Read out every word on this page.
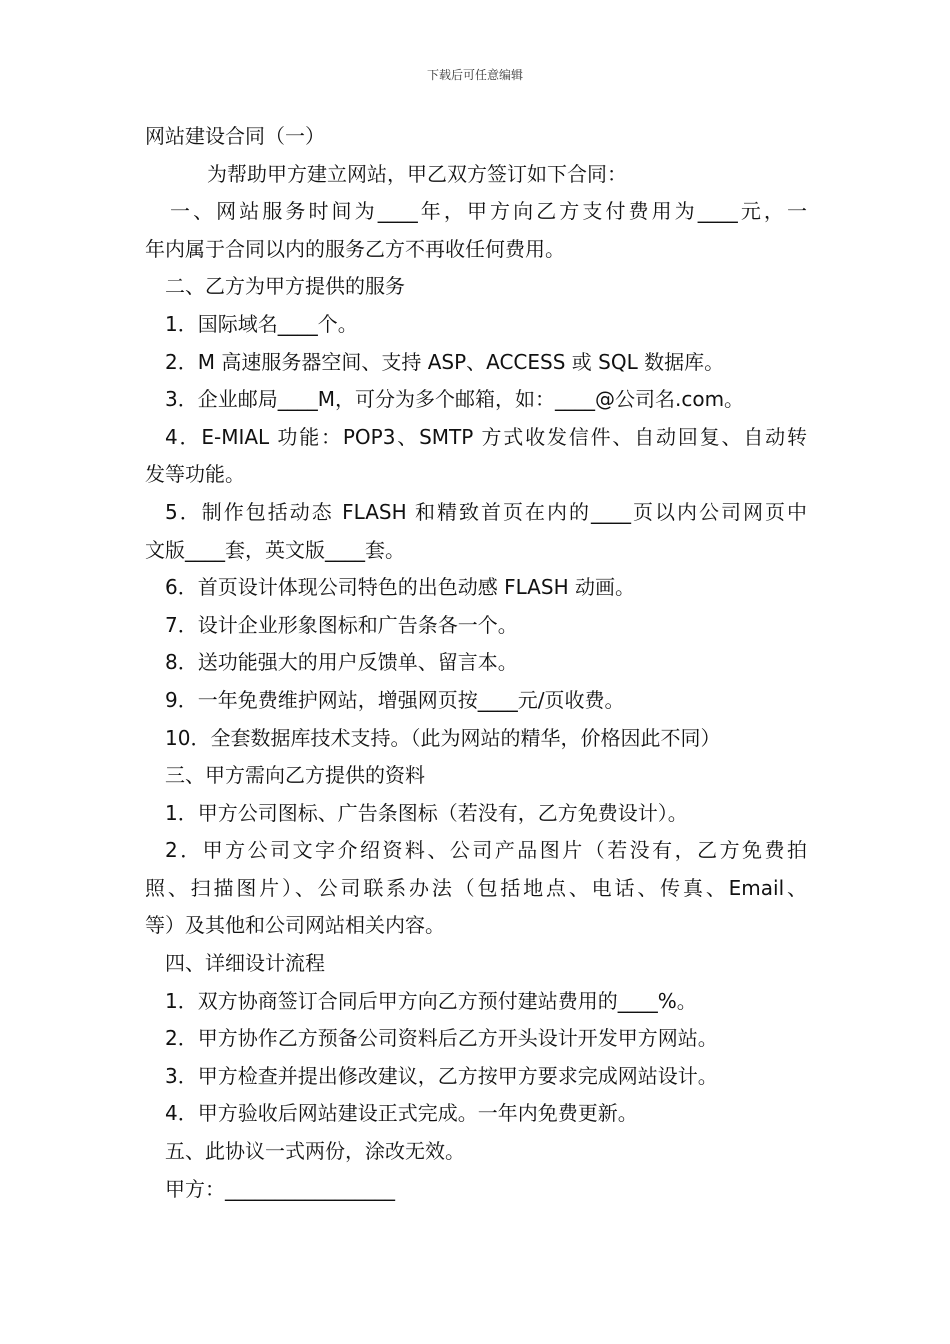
下载后可任意编辑
网站建设合同（一）
为帮助甲方建立网站，甲乙双方签订如下合同：
一、网站服务时间为____年，甲方向乙方支付费用为____元，一
年内属于合同以内的服务乙方不再收任何费用。
二、乙方为甲方提供的服务
1．国际域名____个。
2．M 高速服务器空间、支持 ASP、ACCESS 或 SQL 数据库。
3．企业邮局____M，可分为多个邮箱，如：____@公司名.com。
4．E-MIAL 功能：POP3、SMTP 方式收发信件、自动回复、自动转
发等功能。
5．制作包括动态 FLASH 和精致首页在内的____页以内公司网页中
文版____套，英文版____套。
6．首页设计体现公司特色的出色动感 FLASH 动画。
7．设计企业形象图标和广告条各一个。
8．送功能强大的用户反馈单、留言本。
9．一年免费维护网站，增强网页按____元/页收费。
10．全套数据库技术支持。（此为网站的精华，价格因此不同）
三、甲方需向乙方提供的资料
1．甲方公司图标、广告条图标（若没有，乙方免费设计）。
2．甲方公司文字介绍资料、公司产品图片（若没有，乙方免费拍
照、扫描图片）、公司联系办法（包括地点、电话、传真、Email、
等）及其他和公司网站相关内容。
四、详细设计流程
1．双方协商签订合同后甲方向乙方预付建站费用的____%。
2．甲方协作乙方预备公司资料后乙方开头设计开发甲方网站。
3．甲方检查并提出修改建议，乙方按甲方要求完成网站设计。
4．甲方验收后网站建设正式完成。一年内免费更新。
五、此协议一式两份，涂改无效。
甲方：_________________
